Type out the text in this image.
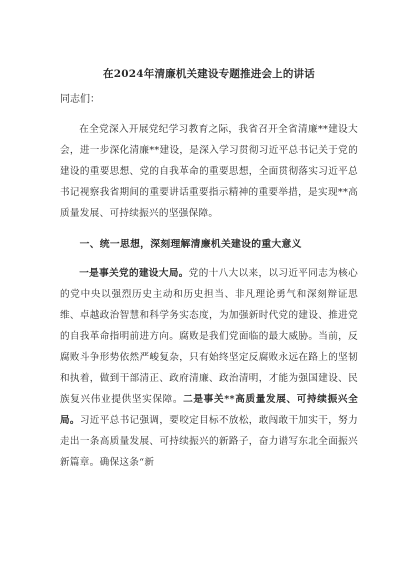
在2024年清廉机关建设专题推进会上的讲话
同志们：

在全党深入开展党纪学习教育之际，我省召开全省清廉**建设大会，进一步深化清廉**建设，是深入学习贯彻习近平总书记关于党的建设的重要思想、党的自我革命的重要思想，全面贯彻落实习近平总书记视察我省期间的重要讲话重要指示精神的重要举措，是实现**高质量发展、可持续振兴的坚强保障。

一、统一思想，深刻理解清廉机关建设的重大意义

一是事关党的建设大局。党的十八大以来，以习近平同志为核心的党中央以强烈历史主动和历史担当、非凡理论勇气和深刻辩证思维、卓越政治智慧和科学务实态度，为加强新时代党的建设、推进党的自我革命指明前进方向。腐败是我们党面临的最大威胁。当前，反腐败斗争形势依然严峻复杂，只有始终坚定反腐败永远在路上的坚韧和执着，做到干部清正、政府清廉、政治清明，才能为强国建设、民族复兴伟业提供坚实保障。二是事关**高质量发展、可持续振兴全局。习近平总书记强调，要咬定目标不放松，敢闯敢干加实干，努力走出一条高质量发展、可持续振兴的新路子，奋力谱写东北全面振兴新篇章。确保这条“新
